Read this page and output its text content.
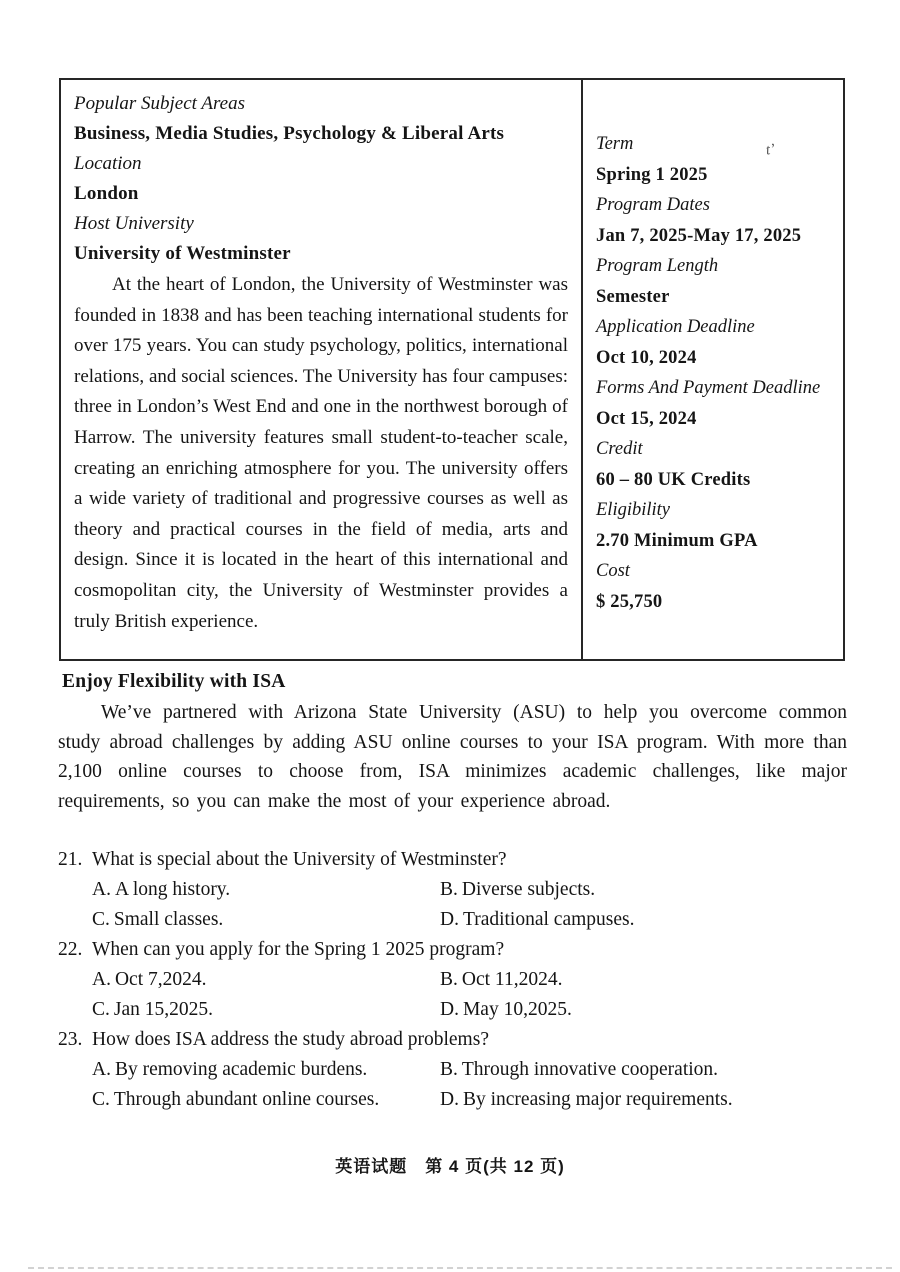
Popular Subject Areas
Business, Media Studies, Psychology & Liberal Arts
Location
London
Host University
University of Westminster
At the heart of London, the University of Westminster was founded in 1838 and has been teaching international students for over 175 years. You can study psychology, politics, international relations, and social sciences. The University has four campuses: three in London’s West End and one in the northwest borough of Harrow. The university features small student-to-teacher scale, creating an enriching atmosphere for you. The university offers a wide variety of traditional and progressive courses as well as theory and practical courses in the field of media, arts and design. Since it is located in the heart of this international and cosmopolitan city, the University of Westminster provides a truly British experience.
t’
Term
Spring 1 2025
Program Dates
Jan 7, 2025-May 17, 2025
Program Length
Semester
Application Deadline
Oct 10, 2024
Forms And Payment Deadline
Oct 15, 2024
Credit
60 – 80 UK Credits
Eligibility
2.70 Minimum GPA
Cost
$ 25,750
Enjoy Flexibility with ISA
We’ve partnered with Arizona State University (ASU) to help you overcome common study abroad challenges by adding ASU online courses to your ISA program. With more than 2,100 online courses to choose from, ISA minimizes academic challenges, like major requirements, so you can make the most of your experience abroad.
21. What is special about the University of Westminster?
A. A long history.	B. Diverse subjects.
C. Small classes.	D. Traditional campuses.
22. When can you apply for the Spring 1 2025 program?
A. Oct 7,2024.	B. Oct 11,2024.
C. Jan 15,2025.	D. May 10,2025.
23. How does ISA address the study abroad problems?
A. By removing academic burdens.	B. Through innovative cooperation.
C. Through abundant online courses.	D. By increasing major requirements.
英语试题　第 4 页(共 12 页)
